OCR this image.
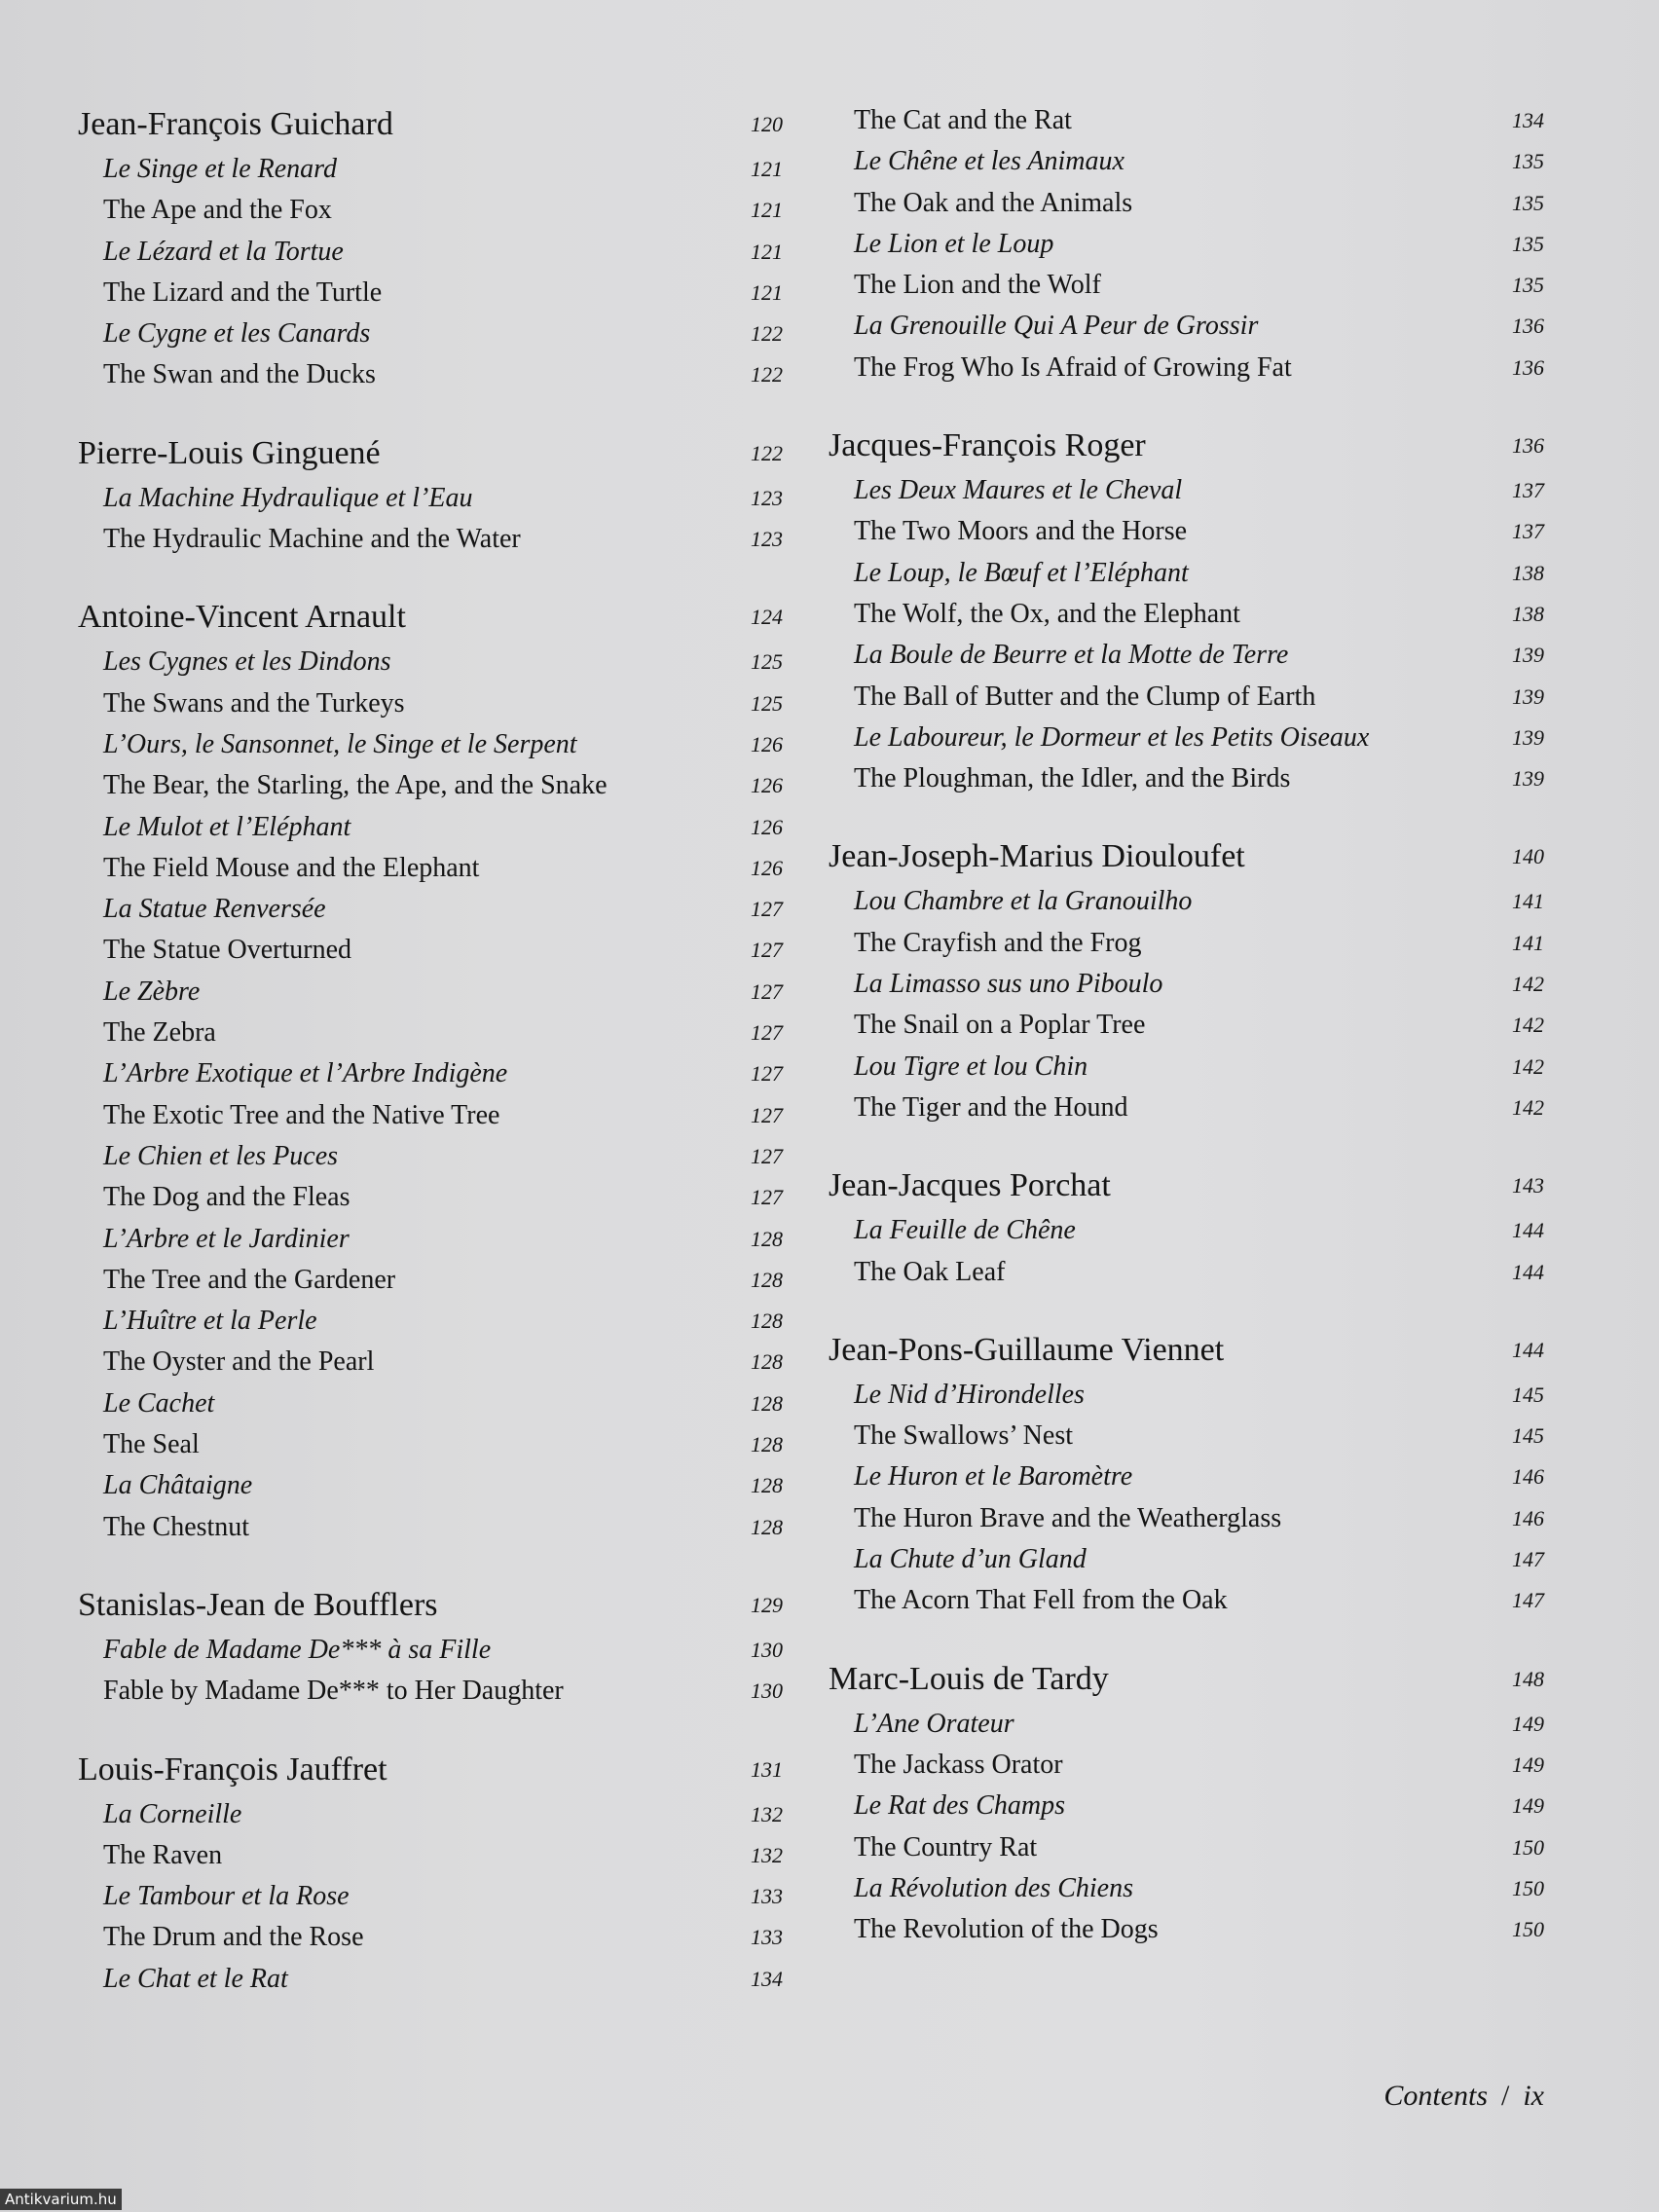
Jean-François Guichard	120
Le Singe et le Renard	121
The Ape and the Fox	121
Le Lézard et la Tortue	121
The Lizard and the Turtle	121
Le Cygne et les Canards	122
The Swan and the Ducks	122
Pierre-Louis Ginguené	122
La Machine Hydraulique et l’Eau	123
The Hydraulic Machine and the Water	123
Antoine-Vincent Arnault	124
Les Cygnes et les Dindons	125
The Swans and the Turkeys	125
L’Ours, le Sansonnet, le Singe et le Serpent	126
The Bear, the Starling, the Ape, and the Snake	126
Le Mulot et l’Eléphant	126
The Field Mouse and the Elephant	126
La Statue Renversée	127
The Statue Overturned	127
Le Zèbre	127
The Zebra	127
L’Arbre Exotique et l’Arbre Indigène	127
The Exotic Tree and the Native Tree	127
Le Chien et les Puces	127
The Dog and the Fleas	127
L’Arbre et le Jardinier	128
The Tree and the Gardener	128
L’Huître et la Perle	128
The Oyster and the Pearl	128
Le Cachet	128
The Seal	128
La Châtaigne	128
The Chestnut	128
Stanislas-Jean de Boufflers	129
Fable de Madame De*** à sa Fille	130
Fable by Madame De*** to Her Daughter	130
Louis-François Jauffret	131
La Corneille	132
The Raven	132
Le Tambour et la Rose	133
The Drum and the Rose	133
Le Chat et le Rat	134
The Cat and the Rat	134
Le Chêne et les Animaux	135
The Oak and the Animals	135
Le Lion et le Loup	135
The Lion and the Wolf	135
La Grenouille Qui A Peur de Grossir	136
The Frog Who Is Afraid of Growing Fat	136
Jacques-François Roger	136
Les Deux Maures et le Cheval	137
The Two Moors and the Horse	137
Le Loup, le Bœuf et l’Eléphant	138
The Wolf, the Ox, and the Elephant	138
La Boule de Beurre et la Motte de Terre	139
The Ball of Butter and the Clump of Earth	139
Le Laboureur, le Dormeur et les Petits Oiseaux	139
The Ploughman, the Idler, and the Birds	139
Jean-Joseph-Marius Diouloufet	140
Lou Chambre et la Granouilho	141
The Crayfish and the Frog	141
La Limasso sus uno Piboulo	142
The Snail on a Poplar Tree	142
Lou Tigre et lou Chin	142
The Tiger and the Hound	142
Jean-Jacques Porchat	143
La Feuille de Chêne	144
The Oak Leaf	144
Jean-Pons-Guillaume Viennet	144
Le Nid d’Hirondelles	145
The Swallows’ Nest	145
Le Huron et le Baromètre	146
The Huron Brave and the Weatherglass	146
La Chute d’un Gland	147
The Acorn That Fell from the Oak	147
Marc-Louis de Tardy	148
L’Ane Orateur	149
The Jackass Orator	149
Le Rat des Champs	149
The Country Rat	150
La Révolution des Chiens	150
The Revolution of the Dogs	150
Contents / ix
Antikvarium.hu
